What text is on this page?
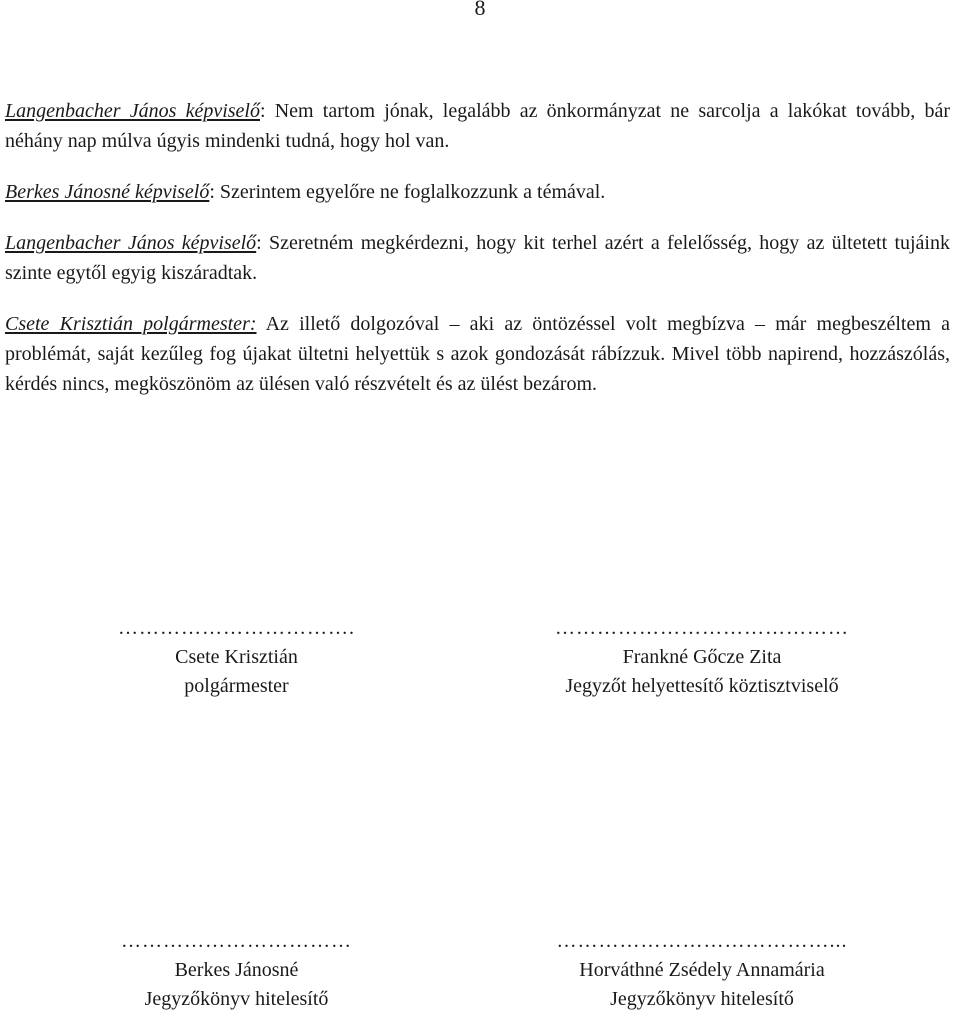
8

Langenbacher János képviselő: Nem tartom jónak, legalább az önkormányzat ne sarcolja a lakókat tovább, bár néhány nap múlva úgyis mindenki tudná, hogy hol van.

Berkes Jánosné képviselő: Szerintem egyelőre ne foglalkozzunk a témával.

Langenbacher János képviselő: Szeretném megkérdezni, hogy kit terhel azért a felelősség, hogy az ültetett tujáink szinte egytől egyig kiszáradtak.

Csete Krisztián polgármester: Az illető dolgozóval – aki az öntözéssel volt megbízva – már megbeszéltem a problémát, saját kezűleg fog újakat ültetni helyettük s azok gondozását rábízzuk. Mivel több napirend, hozzászólás, kérdés nincs, megköszönöm az ülésen való részvételt és az ülést bezárom.

…………………………….
Csete Krisztián
polgármester
……………………………………
Frankné Gőcze Zita
Jegyzőt helyettesítő köztisztviselő
……………………………
Berkes Jánosné
Jegyzőkönyv hitelesítő
…………………………………...
Horváthné Zsédely Annamária
Jegyzőkönyv hitelesítő
